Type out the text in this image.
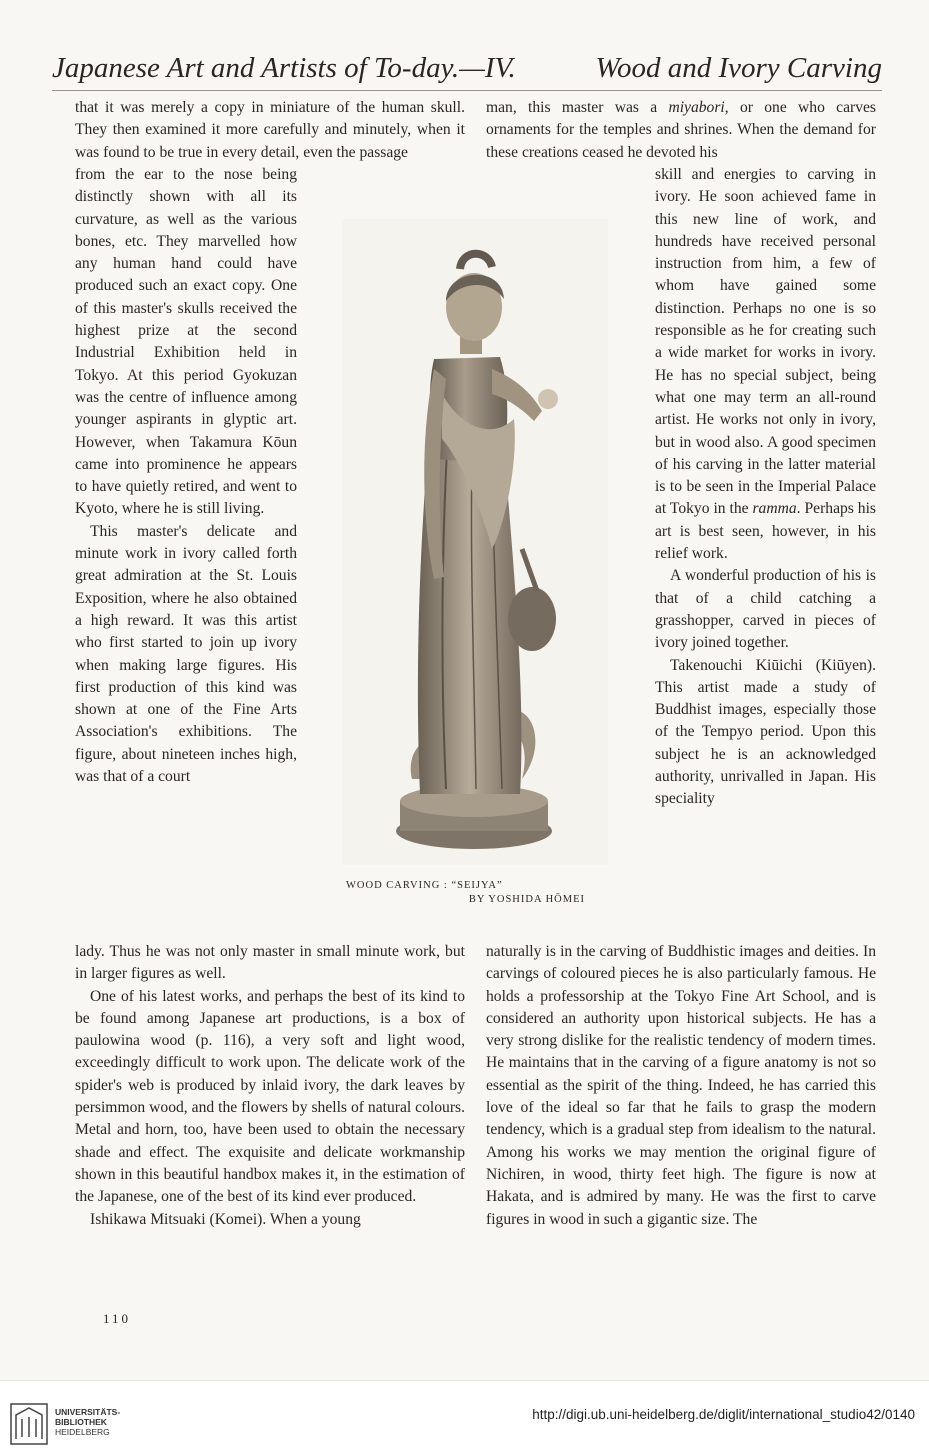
Japanese Art and Artists of To-day.—IV.	Wood and Ivory Carving

that it was merely a copy in miniature of the human skull. They then examined it more carefully and minutely, when it was found to be true in every detail, even the passage

from the ear to the nose being distinctly shown with all its curvature, as well as the various bones, etc. They marvelled how any human hand could have produced such an exact copy. One of this master's skulls received the highest prize at the second Industrial Exhibition held in Tokyo. At this period Gyokuzan was the centre of influence among younger aspirants in glyptic art. However, when Takamura Kōun came into prominence he appears to have quietly retired, and went to Kyoto, where he is still living.

This master's delicate and minute work in ivory called forth great admiration at the St. Louis Exposition, where he also obtained a high reward. It was this artist who first started to join up ivory when making large figures. His first production of this kind was shown at one of the Fine Arts Association's exhibitions. The figure, about nineteen inches high, was that of a court

lady. Thus he was not only master in small minute work, but in larger figures as well.

One of his latest works, and perhaps the best of its kind to be found among Japanese art productions, is a box of paulowina wood (p. 116), a very soft and light wood, exceedingly difficult to work upon. The delicate work of the spider's web is produced by inlaid ivory, the dark leaves by persimmon wood, and the flowers by shells of natural colours. Metal and horn, too, have been used to obtain the necessary shade and effect. The exquisite and delicate workmanship shown in this beautiful handbox makes it, in the estimation of the Japanese, one of the best of its kind ever produced.

Ishikawa Mitsuaki (Komei). When a young

man, this master was a miyabori, or one who carves ornaments for the temples and shrines. When the demand for these creations ceased he devoted his

skill and energies to carving in ivory. He soon achieved fame in this new line of work, and hundreds have received personal instruction from him, a few of whom have gained some distinction. Perhaps no one is so responsible as he for creating such a wide market for works in ivory. He has no special subject, being what one may term an all-round artist. He works not only in ivory, but in wood also. A good specimen of his carving in the latter material is to be seen in the Imperial Palace at Tokyo in the ramma. Perhaps his art is best seen, however, in his relief work.

A wonderful production of his is that of a child catching a grasshopper, carved in pieces of ivory joined together.

Takenouchi Kiūichi (Kiūyen). This artist made a study of Buddhist images, especially those of the Tempyo period. Upon this subject he is an acknowledged authority, unrivalled in Japan. His speciality

naturally is in the carving of Buddhistic images and deities. In carvings of coloured pieces he is also particularly famous. He holds a professorship at the Tokyo Fine Art School, and is considered an authority upon historical subjects. He has a very strong dislike for the realistic tendency of modern times. He maintains that in the carving of a figure anatomy is not so essential as the spirit of the thing. Indeed, he has carried this love of the ideal so far that he fails to grasp the modern tendency, which is a gradual step from idealism to the natural. Among his works we may mention the original figure of Nichiren, in wood, thirty feet high. The figure is now at Hakata, and is admired by many. He was the first to carve figures in wood in such a gigantic size. The

WOOD CARVING : “SEIJYA”
BY YOSHIDA HŌMEI
110
UNIVERSITÄTS-
BIBLIOTHEK
HEIDELBERG
http://digi.ub.uni-heidelberg.de/diglit/international_studio42/0140
